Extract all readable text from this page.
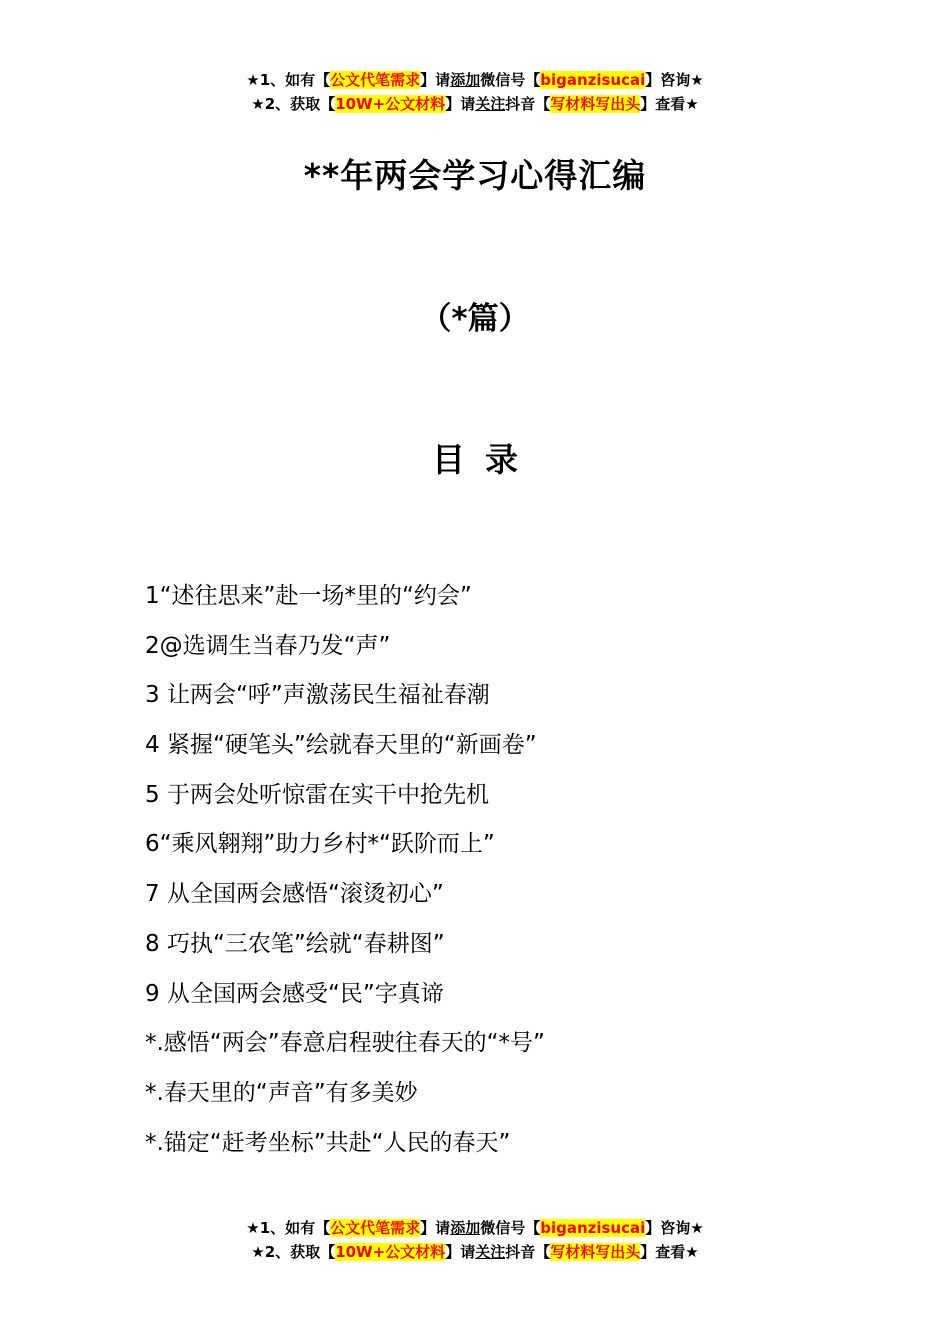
★1、如有【公文代笔需求】请添加微信号【biganzisucai】咨询★
★2、获取【10W+公文材料】请关注抖音【写材料写出头】查看★
**年两会学习心得汇编
（*篇）
目录
1“述往思来”赴一场*里的“约会”
2@选调生当春乃发“声”
3 让两会“呼”声激荡民生福祉春潮
4 紧握“硬笔头”绘就春天里的“新画卷”
5 于两会处听惊雷在实干中抢先机
6“乘风翱翔”助力乡村*“跃阶而上”
7 从全国两会感悟“滚烫初心”
8 巧执“三农笔”绘就“春耕图”
9 从全国两会感受“民”字真谛
*.感悟“两会”春意启程驶往春天的“*号”
*.春天里的“声音”有多美妙
*.锚定“赶考坐标”共赴“人民的春天”
★1、如有【公文代笔需求】请添加微信号【biganzisucai】咨询★
★2、获取【10W+公文材料】请关注抖音【写材料写出头】查看★
